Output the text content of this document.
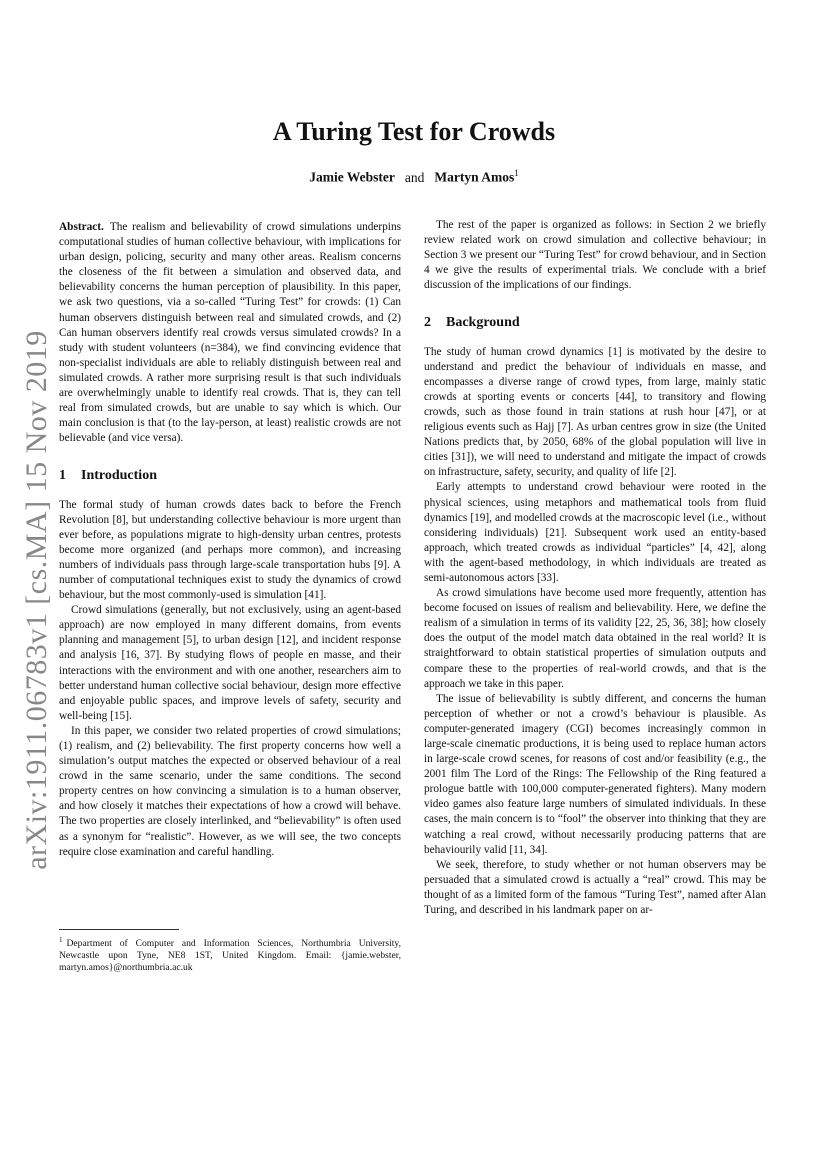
arXiv:1911.06783v1 [cs.MA] 15 Nov 2019
A Turing Test for Crowds
Jamie Webster and Martyn Amos$^1$

Abstract. The realism and believability of crowd simulations underpins computational studies of human collective behaviour, with implications for urban design, policing, security and many other areas. Realism concerns the closeness of the fit between a simulation and observed data, and believability concerns the human perception of plausibility. In this paper, we ask two questions, via a so-called “Turing Test” for crowds: (1) Can human observers distinguish between real and simulated crowds, and (2) Can human observers identify real crowds versus simulated crowds? In a study with student volunteers (n=384), we find convincing evidence that non-specialist individuals are able to reliably distinguish between real and simulated crowds. A rather more surprising result is that such individuals are overwhelmingly unable to identify real crowds. That is, they can tell real from simulated crowds, but are unable to say which is which. Our main conclusion is that (to the lay-person, at least) realistic crowds are not believable (and vice versa).

1 Introduction

The formal study of human crowds dates back to before the French Revolution [8], but understanding collective behaviour is more urgent than ever before, as populations migrate to high-density urban centres, protests become more organized (and perhaps more common), and increasing numbers of individuals pass through large-scale transportation hubs [9]. A number of computational techniques exist to study the dynamics of crowd behaviour, but the most commonly-used is simulation [41].

Crowd simulations (generally, but not exclusively, using an agent-based approach) are now employed in many different domains, from events planning and management [5], to urban design [12], and incident response and analysis [16, 37]. By studying flows of people en masse, and their interactions with the environment and with one another, researchers aim to better understand human collective social behaviour, design more effective and enjoyable public spaces, and improve levels of safety, security and well-being [15].

In this paper, we consider two related properties of crowd simulations; (1) realism, and (2) believability. The first property concerns how well a simulation’s output matches the expected or observed behaviour of a real crowd in the same scenario, under the same conditions. The second property centres on how convincing a simulation is to a human observer, and how closely it matches their expectations of how a crowd will behave. The two properties are closely interlinked, and “believability” is often used as a synonym for “realistic”. However, as we will see, the two concepts require close examination and careful handling.

$^1$ Department of Computer and Information Sciences, Northumbria University, Newcastle upon Tyne, NE8 1ST, United Kingdom. Email: {jamie.webster, martyn.amos}@northumbria.ac.uk

The rest of the paper is organized as follows: in Section 2 we briefly review related work on crowd simulation and collective behaviour; in Section 3 we present our “Turing Test” for crowd behaviour, and in Section 4 we give the results of experimental trials. We conclude with a brief discussion of the implications of our findings.

2 Background

The study of human crowd dynamics [1] is motivated by the desire to understand and predict the behaviour of individuals en masse, and encompasses a diverse range of crowd types, from large, mainly static crowds at sporting events or concerts [44], to transitory and flowing crowds, such as those found in train stations at rush hour [47], or at religious events such as Hajj [7]. As urban centres grow in size (the United Nations predicts that, by 2050, 68% of the global population will live in cities [31]), we will need to understand and mitigate the impact of crowds on infrastructure, safety, security, and quality of life [2].

Early attempts to understand crowd behaviour were rooted in the physical sciences, using metaphors and mathematical tools from fluid dynamics [19], and modelled crowds at the macroscopic level (i.e., without considering individuals) [21]. Subsequent work used an entity-based approach, which treated crowds as individual “particles” [4, 42], along with the agent-based methodology, in which individuals are treated as semi-autonomous actors [33].

As crowd simulations have become used more frequently, attention has become focused on issues of realism and believability. Here, we define the realism of a simulation in terms of its validity [22, 25, 36, 38]; how closely does the output of the model match data obtained in the real world? It is straightforward to obtain statistical properties of simulation outputs and compare these to the properties of real-world crowds, and that is the approach we take in this paper.

The issue of believability is subtly different, and concerns the human perception of whether or not a crowd’s behaviour is plausible. As computer-generated imagery (CGI) becomes increasingly common in large-scale cinematic productions, it is being used to replace human actors in large-scale crowd scenes, for reasons of cost and/or feasibility (e.g., the 2001 film The Lord of the Rings: The Fellowship of the Ring featured a prologue battle with 100,000 computer-generated fighters). Many modern video games also feature large numbers of simulated individuals. In these cases, the main concern is to “fool” the observer into thinking that they are watching a real crowd, without necessarily producing patterns that are behaviourily valid [11, 34].

We seek, therefore, to study whether or not human observers may be persuaded that a simulated crowd is actually a “real” crowd. This may be thought of as a limited form of the famous “Turing Test”, named after Alan Turing, and described in his landmark paper on ar-
